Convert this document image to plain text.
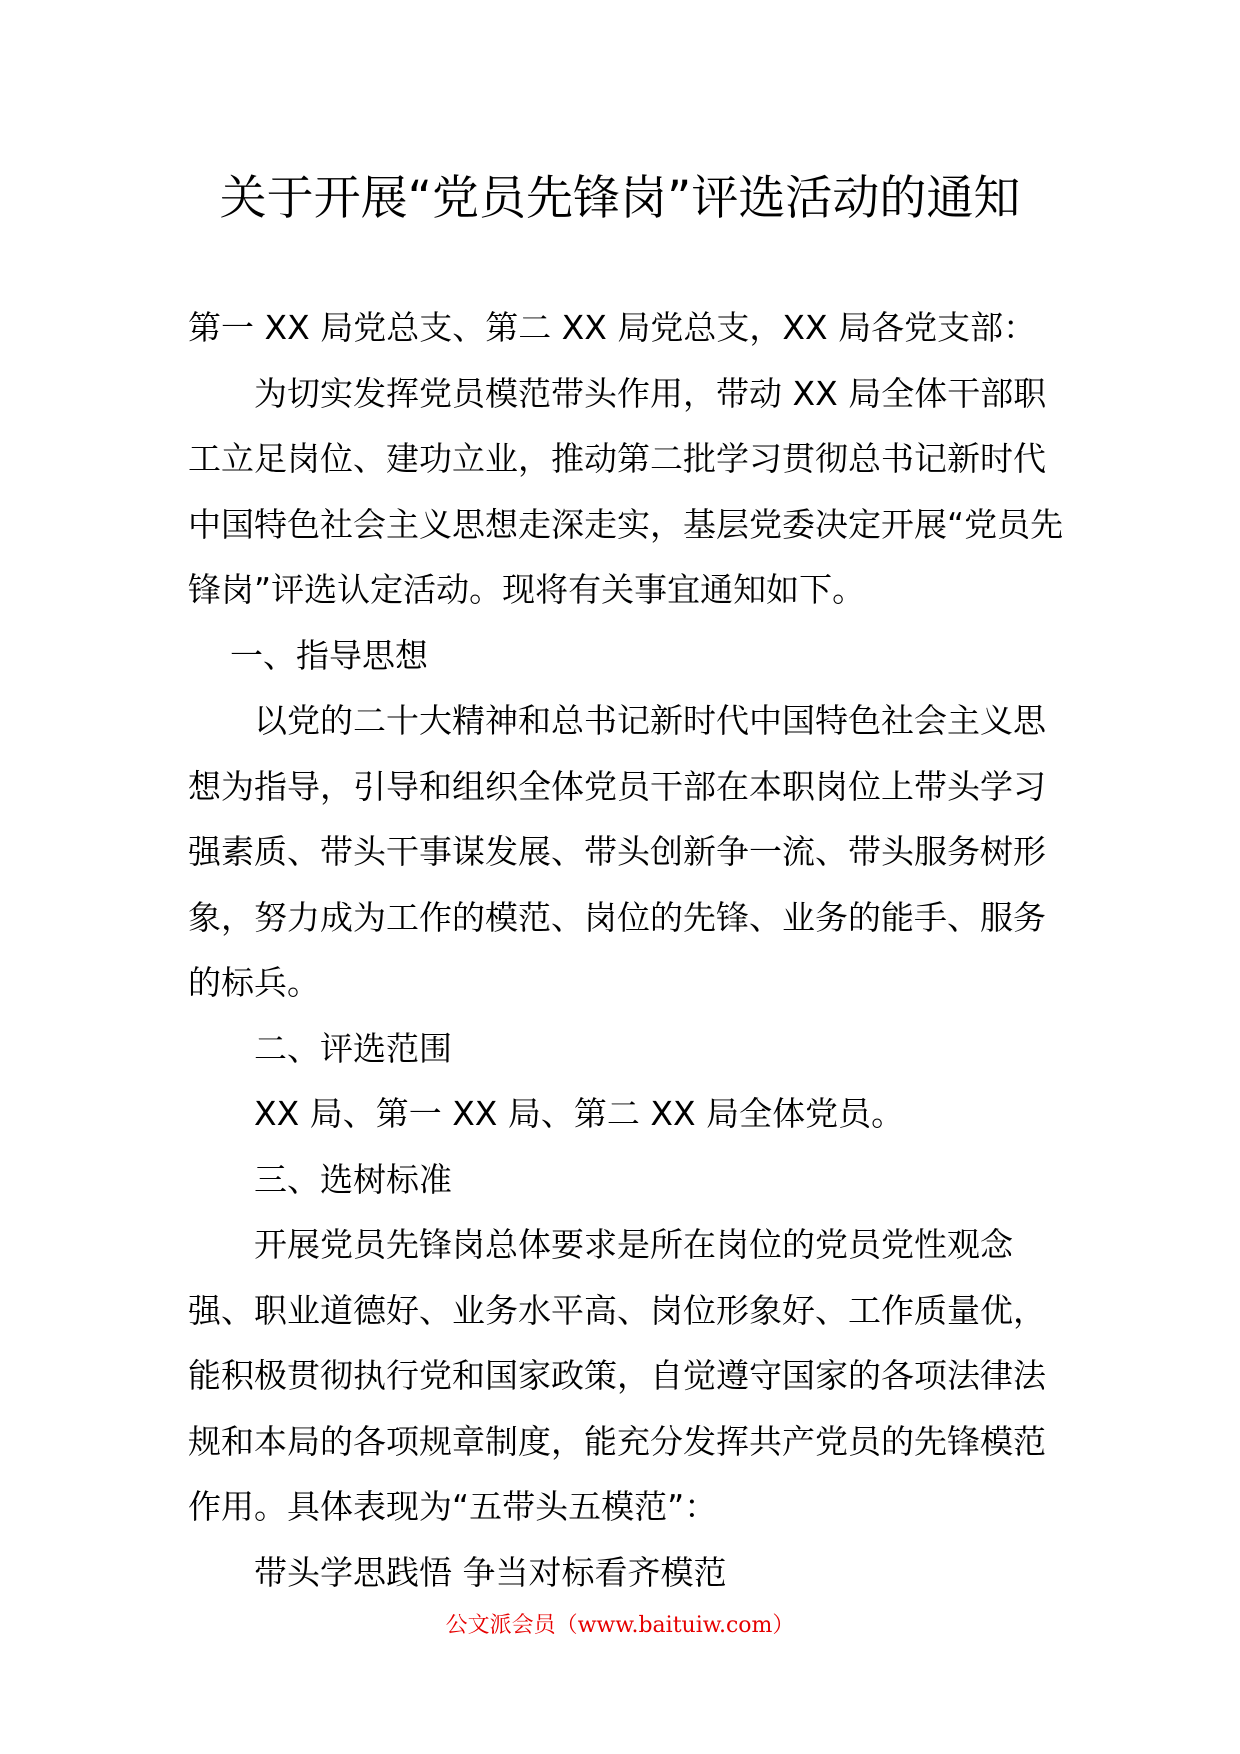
关于开展“党员先锋岗”评选活动的通知

第一 XX 局党总支、第二 XX 局党总支，XX 局各党支部：

为切实发挥党员模范带头作用，带动 XX 局全体干部职工立足岗位、建功立业，推动第二批学习贯彻总书记新时代中国特色社会主义思想走深走实，基层党委决定开展“党员先锋岗”评选认定活动。现将有关事宜通知如下。

一、指导思想

以党的二十大精神和总书记新时代中国特色社会主义思想为指导，引导和组织全体党员干部在本职岗位上带头学习强素质、带头干事谋发展、带头创新争一流、带头服务树形象，努力成为工作的模范、岗位的先锋、业务的能手、服务的标兵。

二、评选范围

XX 局、第一 XX 局、第二 XX 局全体党员。

三、选树标准

开展党员先锋岗总体要求是所在岗位的党员党性观念强、职业道德好、业务水平高、岗位形象好、工作质量优，能积极贯彻执行党和国家政策，自觉遵守国家的各项法律法规和本局的各项规章制度，能充分发挥共产党员的先锋模范作用。具体表现为“五带头五模范”：

带头学思践悟 争当对标看齐模范

公文派会员（www.baituiw.com）
